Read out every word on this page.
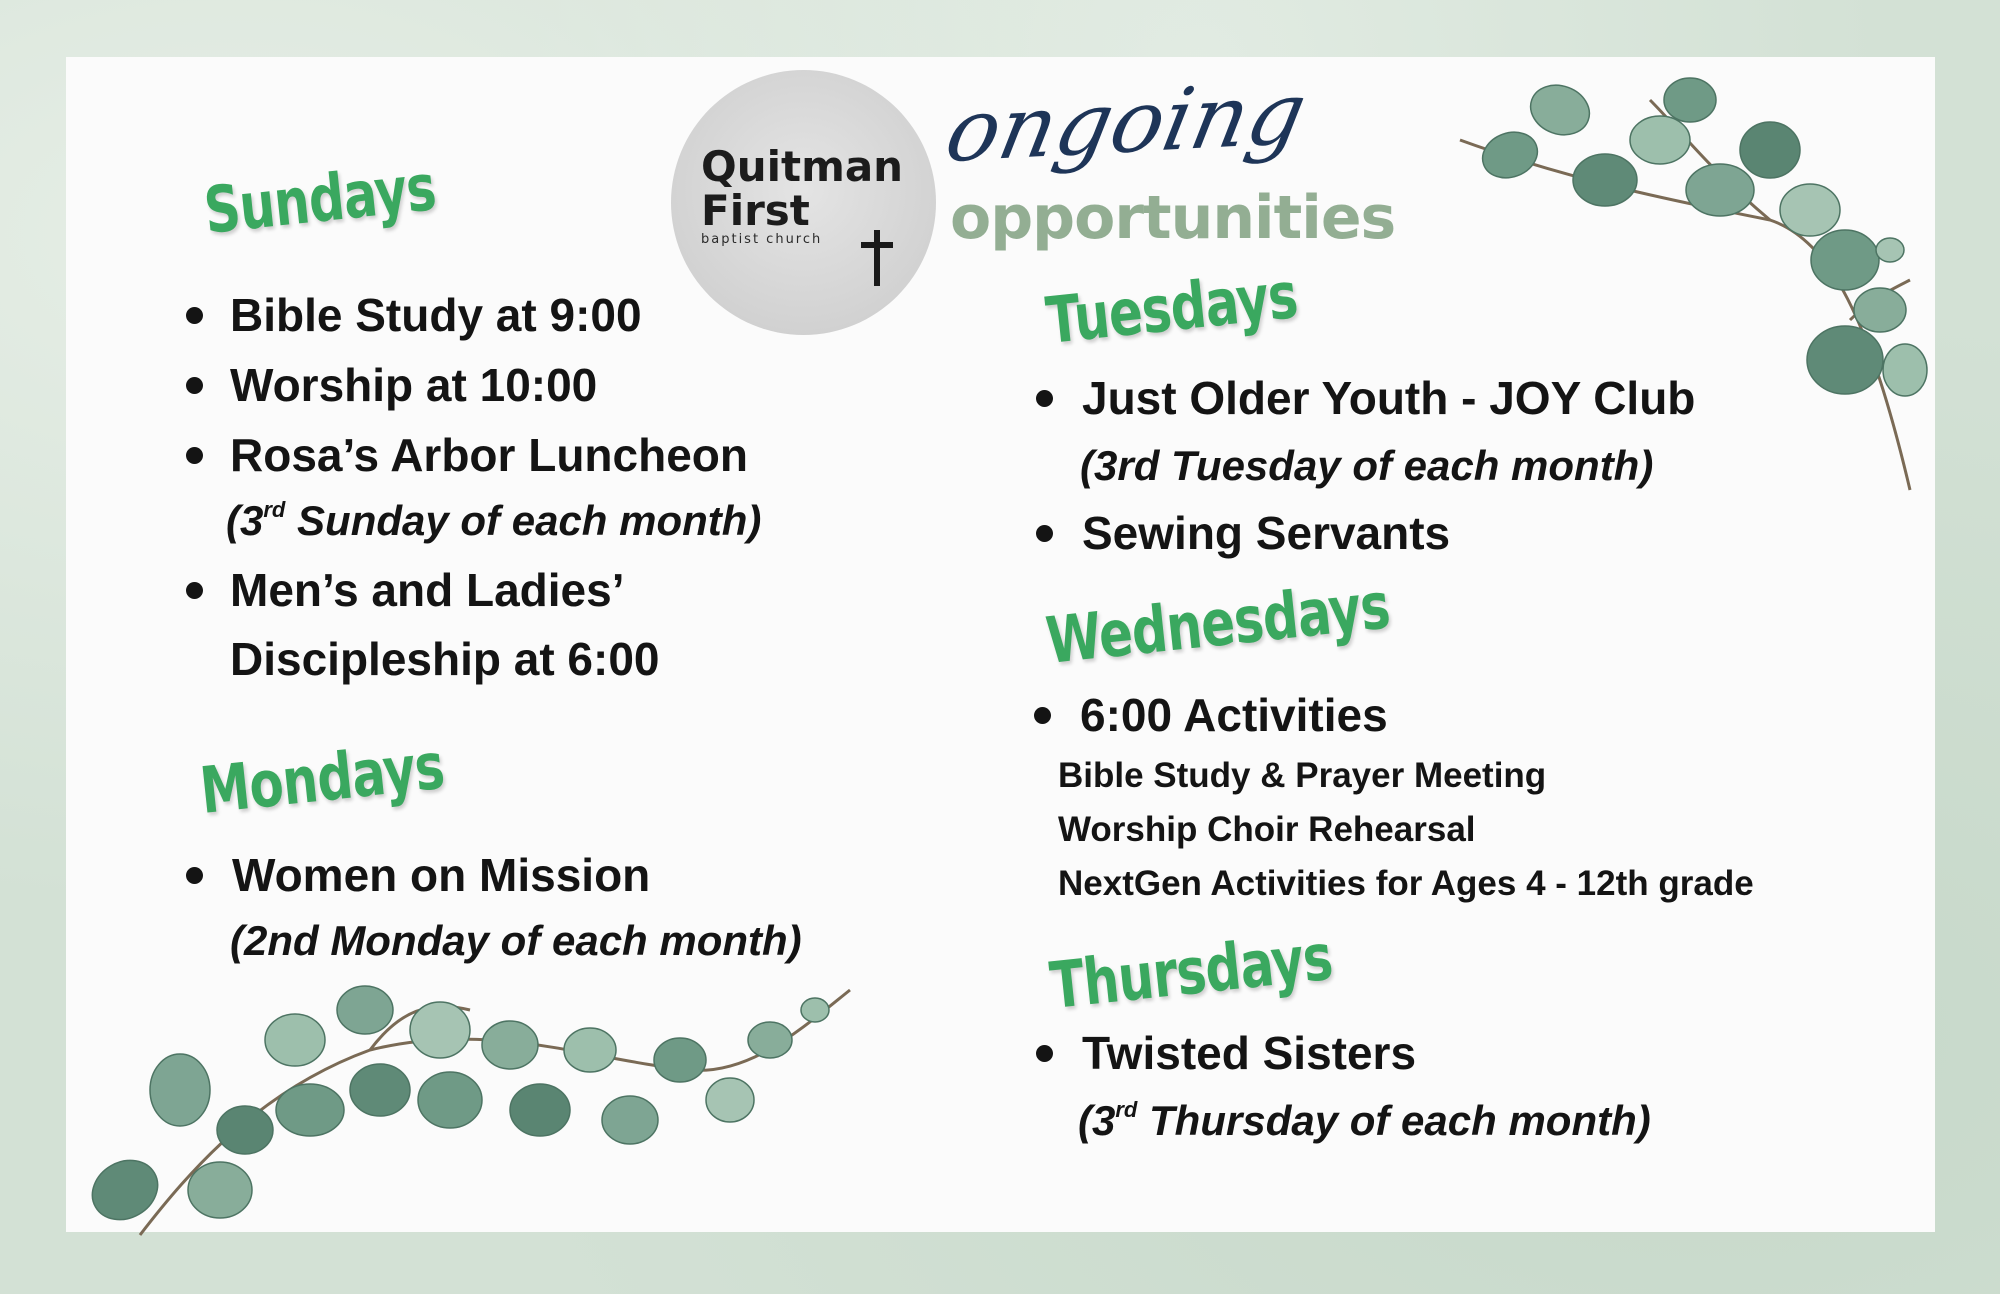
Quitman
First
baptist church
ongoing
opportunities
Sundays
Bible Study at 9:00
Worship at 10:00
Rosa’s Arbor Luncheon
(3rd Sunday of each month)
Men’s and Ladies’
Discipleship at 6:00
Mondays
Women on Mission
(2nd Monday of each month)
Tuesdays
Just Older Youth - JOY Club
(3rd Tuesday of each month)
Sewing Servants
Wednesdays
6:00 Activities
Bible Study & Prayer Meeting
Worship Choir Rehearsal
NextGen Activities for Ages 4 - 12th grade
Thursdays
Twisted Sisters
(3rd Thursday of each month)
